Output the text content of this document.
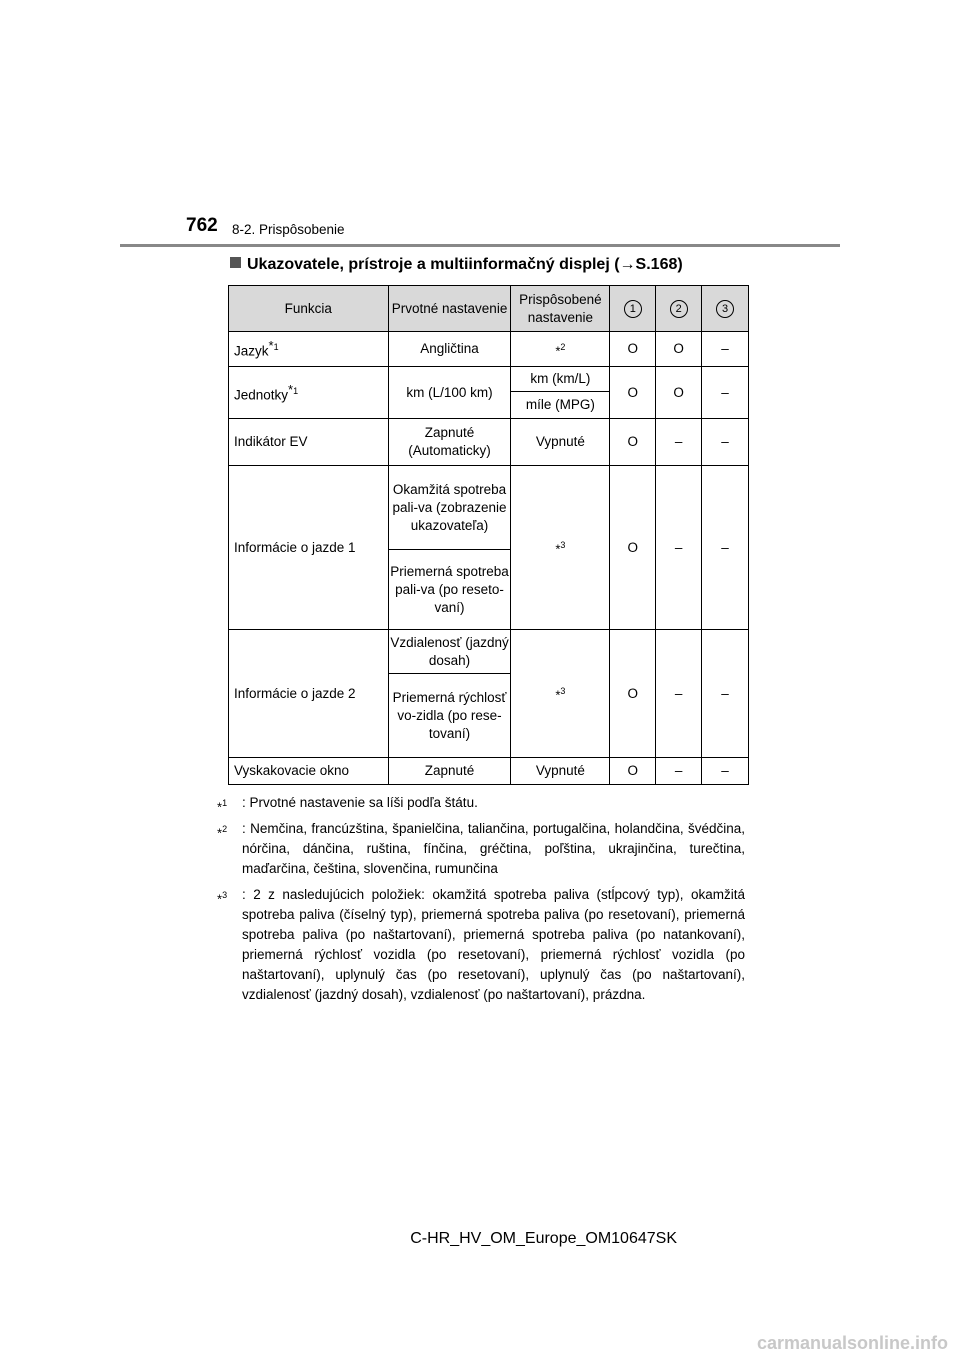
762 8-2. Prispôsobenie
Ukazovatele, prístroje a multiinformačný displej (→S.168)
Funkcia	Prvotné nastavenie	Prispôsobené nastavenie	1	2	3
Jazyk$^{*1}$	Angličtina	*$^2$	O	O	–
Jednotky$^{*1}$	km (L/100 km)	km (km/L)	O	O	–
		míle (MPG)			
Indikátor EV	Zapnuté (Automaticky)	Vypnuté	O	–	–
Informácie o jazde 1	Okamžitá spotreba pali-va (zobrazenie ukazovateľa)	*$^3$	O	–	–
	Priemerná spotreba pali-va (po reseto-vaní)				
Informácie o jazde 2	Vzdialenosť (jazdný dosah)	*$^3$	O	–	–
	Priemerná rýchlosť vo-zidla (po rese-tovaní)				
Vyskakovacie okno	Zapnuté	Vypnuté	O	–	–
*$^1$ : Prvotné nastavenie sa líši podľa štátu.
*$^2$ : Nemčina, francúzština, španielčina, taliančina, portugalčina, holandčina, švédčina, nórčina, dánčina, ruština, fínčina, gréčtina, poľština, ukrajinčina, turečtina, maďarčina, čeština, slovenčina, rumunčina
*$^3$ : 2 z nasledujúcich položiek: okamžitá spotreba paliva (stĺpcový typ), okamžitá spotreba paliva (číselný typ), priemerná spotreba paliva (po resetovaní), priemerná spotreba paliva (po naštartovaní), priemerná spotreba paliva (po natankovaní), priemerná rýchlosť vozidla (po resetovaní), priemerná rýchlosť vozidla (po naštartovaní), uplynulý čas (po resetovaní), uplynulý čas (po naštartovaní), vzdialenosť (jazdný dosah), vzdialenosť (po naštartovaní), prázdna.
C-HR_HV_OM_Europe_OM10647SK
carmanualsonline.info
